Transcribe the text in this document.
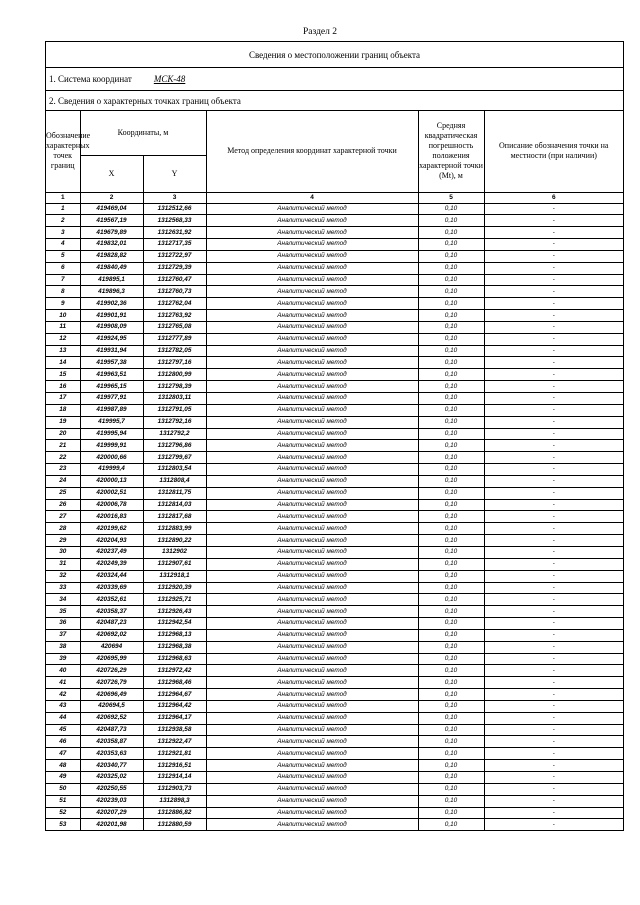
Раздел 2
Сведения о местоположении границ объекта
1. Система координат МСК-48
2. Сведения о характерных точках границ объекта
Обозначение характерных точек границ	Координаты, м		Метод определения координат характерной точки	Средняя квадратическая погрешность положения характерной точки (Mt), м	Описание обозначения точки на местности (при наличии)
	X	Y			
1	2	3	4	5	6
1	419469,04	1312512,66	Аналитический метод	0,10	-
2	419567,19	1312568,33	Аналитический метод	0,10	-
3	419679,89	1312631,92	Аналитический метод	0,10	-
4	419832,01	1312717,35	Аналитический метод	0,10	-
5	419828,82	1312722,97	Аналитический метод	0,10	-
6	419840,49	1312729,39	Аналитический метод	0,10	-
7	419895,1	1312760,47	Аналитический метод	0,10	-
8	419896,3	1312760,73	Аналитический метод	0,10	-
9	419902,36	1312762,04	Аналитический метод	0,10	-
10	419901,91	1312763,92	Аналитический метод	0,10	-
11	419908,09	1312765,08	Аналитический метод	0,10	-
12	419924,95	1312777,89	Аналитический метод	0,10	-
13	419931,94	1312782,05	Аналитический метод	0,10	-
14	419957,38	1312797,16	Аналитический метод	0,10	-
15	419963,51	1312800,99	Аналитический метод	0,10	-
16	419965,15	1312798,39	Аналитический метод	0,10	-
17	419977,91	1312803,11	Аналитический метод	0,10	-
18	419987,89	1312791,05	Аналитический метод	0,10	-
19	419995,7	1312792,16	Аналитический метод	0,10	-
20	419995,94	1312792,2	Аналитический метод	0,10	-
21	419999,91	1312796,86	Аналитический метод	0,10	-
22	420000,66	1312799,67	Аналитический метод	0,10	-
23	419999,4	1312803,54	Аналитический метод	0,10	-
24	420000,13	1312808,4	Аналитический метод	0,10	-
25	420002,51	1312811,75	Аналитический метод	0,10	-
26	420006,78	1312814,03	Аналитический метод	0,10	-
27	420016,83	1312817,68	Аналитический метод	0,10	-
28	420199,62	1312883,99	Аналитический метод	0,10	-
29	420204,93	1312890,22	Аналитический метод	0,10	-
30	420237,49	1312902	Аналитический метод	0,10	-
31	420249,39	1312907,61	Аналитический метод	0,10	-
32	420324,44	1312918,1	Аналитический метод	0,10	-
33	420339,69	1312920,39	Аналитический метод	0,10	-
34	420352,61	1312925,71	Аналитический метод	0,10	-
35	420358,37	1312926,43	Аналитический метод	0,10	-
36	420487,23	1312942,54	Аналитический метод	0,10	-
37	420692,02	1312968,13	Аналитический метод	0,10	-
38	420694	1312968,38	Аналитический метод	0,10	-
39	420695,99	1312968,63	Аналитический метод	0,10	-
40	420726,29	1312972,42	Аналитический метод	0,10	-
41	420726,79	1312968,46	Аналитический метод	0,10	-
42	420696,49	1312964,67	Аналитический метод	0,10	-
43	420694,5	1312964,42	Аналитический метод	0,10	-
44	420692,52	1312964,17	Аналитический метод	0,10	-
45	420487,73	1312938,58	Аналитический метод	0,10	-
46	420358,87	1312922,47	Аналитический метод	0,10	-
47	420353,63	1312921,81	Аналитический метод	0,10	-
48	420340,77	1312916,51	Аналитический метод	0,10	-
49	420325,02	1312914,14	Аналитический метод	0,10	-
50	420250,55	1312903,73	Аналитический метод	0,10	-
51	420239,03	1312898,3	Аналитический метод	0,10	-
52	420207,29	1312886,82	Аналитический метод	0,10	-
53	420201,98	1312880,59	Аналитический метод	0,10	-
